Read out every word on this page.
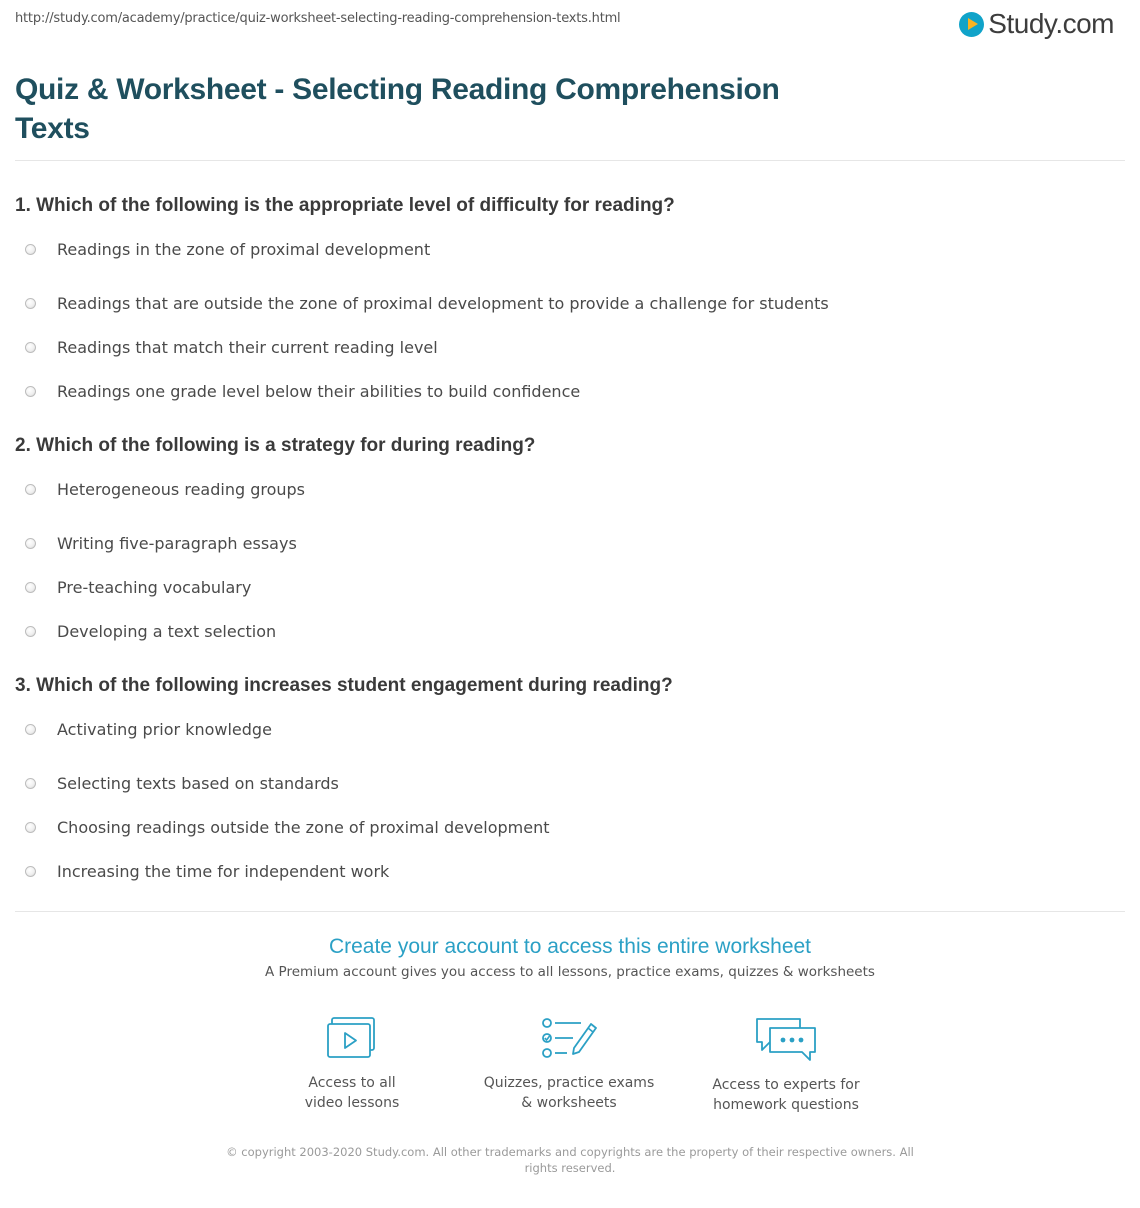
http://study.com/academy/practice/quiz-worksheet-selecting-reading-comprehension-texts.html	Study.com
Quiz & Worksheet - Selecting Reading Comprehension Texts
1. Which of the following is the appropriate level of difficulty for reading?
Readings in the zone of proximal development
Readings that are outside the zone of proximal development to provide a challenge for students
Readings that match their current reading level
Readings one grade level below their abilities to build confidence
2. Which of the following is a strategy for during reading?
Heterogeneous reading groups
Writing five-paragraph essays
Pre-teaching vocabulary
Developing a text selection
3. Which of the following increases student engagement during reading?
Activating prior knowledge
Selecting texts based on standards
Choosing readings outside the zone of proximal development
Increasing the time for independent work
Create your account to access this entire worksheet
A Premium account gives you access to all lessons, practice exams, quizzes & worksheets
Access to all
video lessons
Quizzes, practice exams
& worksheets
Access to experts for
homework questions
© copyright 2003-2020 Study.com. All other trademarks and copyrights are the property of their respective owners. All rights reserved.
